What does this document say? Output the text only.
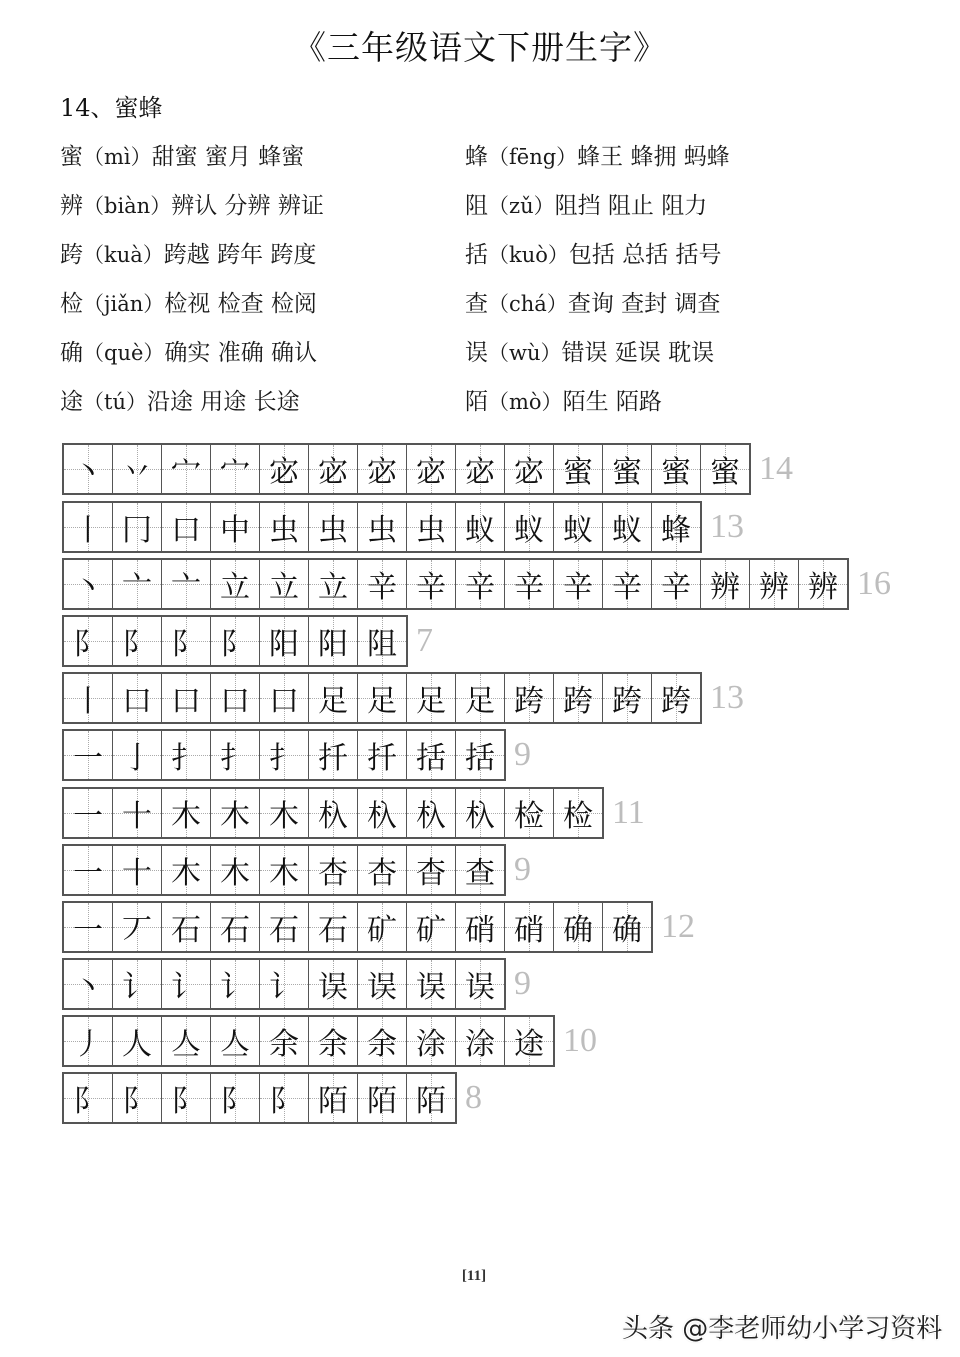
《三年级语文下册生字》
14、蜜蜂
蜜（mì）甜蜜 蜜月 蜂蜜
辨（biàn）辨认 分辨 辨证
跨（kuà）跨越 跨年 跨度
检（jiǎn）检视 检查 检阅
确（què）确实 准确 确认
途（tú）沿途 用途 长途
蜂（fēng）蜂王 蜂拥 蚂蜂
阻（zǔ）阻挡 阻止 阻力
括（kuò）包括 总括 括号
查（chá）查询 查封 调查
误（wù）错误 延误 耽误
陌（mò）陌生 陌路
丶 丷 宀 宀 宓 宓 宓 宓 宓 宓 蜜 蜜 蜜 蜜 14
丨 冂 口 中 虫 虫 虫 虫 蚁 蚁 蚁 蚁 蜂 13
丶 亠 亠 立 立 立 辛 辛 辛 辛 辛 辛 辛 辨 辨 辨 16
阝 阝 阝 阝 阳 阳 阻 7
丨 口 口 口 口 足 足 足 足 跨 跨 跨 跨 13
一 亅 扌 扌 扌 扦 扦 括 括 9
一 十 木 木 木 杁 杁 杁 杁 检 检 11
一 十 木 木 木 杏 杏 杳 查 9
一 丆 石 石 石 石 矿 矿 硝 硝 确 确 12
丶 讠 讠 讠 讠 误 误 误 误 9
丿 人 亼 亼 余 余 余 涂 涂 途 10
阝 阝 阝 阝 阝 陌 陌 陌 8
[11]
头条 @李老师幼小学习资料
